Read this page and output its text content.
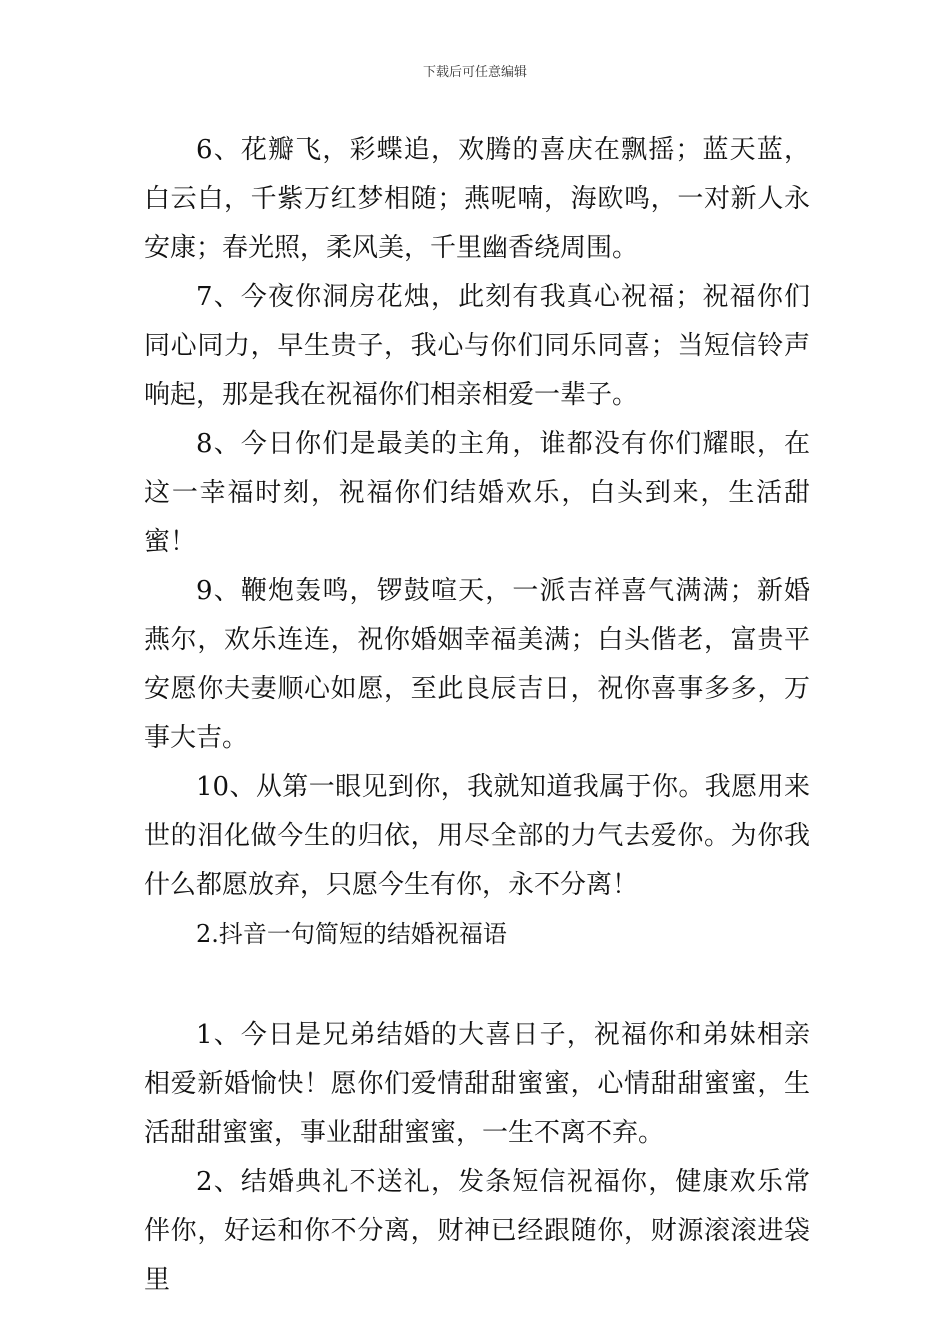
下载后可任意编辑

6、花瓣飞，彩蝶追，欢腾的喜庆在飘摇；蓝天蓝，白云白，千紫万红梦相随；燕呢喃，海欧鸣，一对新人永安康；春光照，柔风美，千里幽香绕周围。

7、今夜你洞房花烛，此刻有我真心祝福；祝福你们同心同力，早生贵子，我心与你们同乐同喜；当短信铃声响起，那是我在祝福你们相亲相爱一辈子。

8、今日你们是最美的主角，谁都没有你们耀眼，在这一幸福时刻，祝福你们结婚欢乐，白头到来，生活甜蜜！

9、鞭炮轰鸣，锣鼓喧天，一派吉祥喜气满满；新婚燕尔，欢乐连连，祝你婚姻幸福美满；白头偕老，富贵平安愿你夫妻顺心如愿，至此良辰吉日，祝你喜事多多，万事大吉。

10、从第一眼见到你，我就知道我属于你。我愿用来世的泪化做今生的归依，用尽全部的力气去爱你。为你我什么都愿放弃，只愿今生有你，永不分离！

2.抖音一句简短的结婚祝福语

1、今日是兄弟结婚的大喜日子，祝福你和弟妹相亲相爱新婚愉快！愿你们爱情甜甜蜜蜜，心情甜甜蜜蜜，生活甜甜蜜蜜，事业甜甜蜜蜜，一生不离不弃。

2、结婚典礼不送礼，发条短信祝福你，健康欢乐常伴你，好运和你不分离，财神已经跟随你，财源滚滚进袋里
